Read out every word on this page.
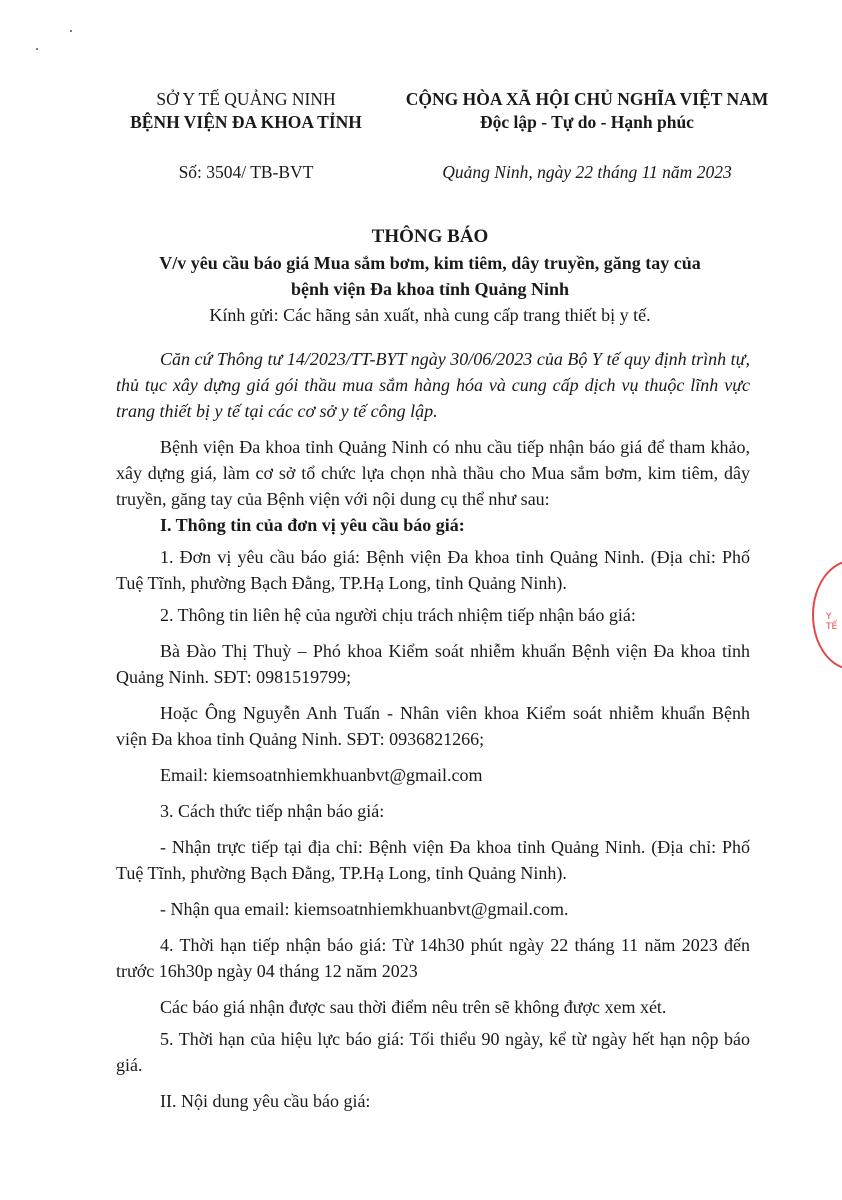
SỞ Y TẾ QUẢNG NINH
BỆNH VIỆN ĐA KHOA TỈNH
CỘNG HÒA XÃ HỘI CHỦ NGHĨA VIỆT NAM
Độc lập - Tự do - Hạnh phúc
Số: 3504/ TB-BVT	Quảng Ninh, ngày 22 tháng 11 năm 2023
THÔNG BÁO
V/v yêu cầu báo giá Mua sắm bơm, kim tiêm, dây truyền, găng tay của
bệnh viện Đa khoa tỉnh Quảng Ninh
Kính gửi: Các hãng sản xuất, nhà cung cấp trang thiết bị y tế.

Căn cứ Thông tư 14/2023/TT-BYT ngày 30/06/2023 của Bộ Y tế quy định trình tự, thủ tục xây dựng giá gói thầu mua sắm hàng hóa và cung cấp dịch vụ thuộc lĩnh vực trang thiết bị y tế tại các cơ sở y tế công lập.

Bệnh viện Đa khoa tỉnh Quảng Ninh có nhu cầu tiếp nhận báo giá để tham khảo, xây dựng giá, làm cơ sở tổ chức lựa chọn nhà thầu cho Mua sắm bơm, kim tiêm, dây truyền, găng tay của Bệnh viện với nội dung cụ thể như sau:

I. Thông tin của đơn vị yêu cầu báo giá:

1. Đơn vị yêu cầu báo giá: Bệnh viện Đa khoa tỉnh Quảng Ninh. (Địa chỉ: Phố Tuệ Tĩnh, phường Bạch Đằng, TP.Hạ Long, tỉnh Quảng Ninh).

2. Thông tin liên hệ của người chịu trách nhiệm tiếp nhận báo giá:

Bà Đào Thị Thuỳ – Phó khoa Kiểm soát nhiễm khuẩn Bệnh viện Đa khoa tỉnh Quảng Ninh. SĐT: 0981519799;

Hoặc Ông Nguyễn Anh Tuấn - Nhân viên khoa Kiểm soát nhiễm khuẩn Bệnh viện Đa khoa tỉnh Quảng Ninh. SĐT: 0936821266;

Email: kiemsoatnhiemkhuanbvt@gmail.com

3. Cách thức tiếp nhận báo giá:

- Nhận trực tiếp tại địa chỉ: Bệnh viện Đa khoa tỉnh Quảng Ninh. (Địa chỉ: Phố Tuệ Tĩnh, phường Bạch Đằng, TP.Hạ Long, tỉnh Quảng Ninh).

- Nhận qua email: kiemsoatnhiemkhuanbvt@gmail.com.

4. Thời hạn tiếp nhận báo giá: Từ 14h30 phút ngày 22 tháng 11 năm 2023 đến trước 16h30p ngày 04 tháng 12 năm 2023

Các báo giá nhận được sau thời điểm nêu trên sẽ không được xem xét.

5. Thời hạn của hiệu lực báo giá: Tối thiểu 90 ngày, kể từ ngày hết hạn nộp báo giá.

II. Nội dung yêu cầu báo giá:

Y TẾ
